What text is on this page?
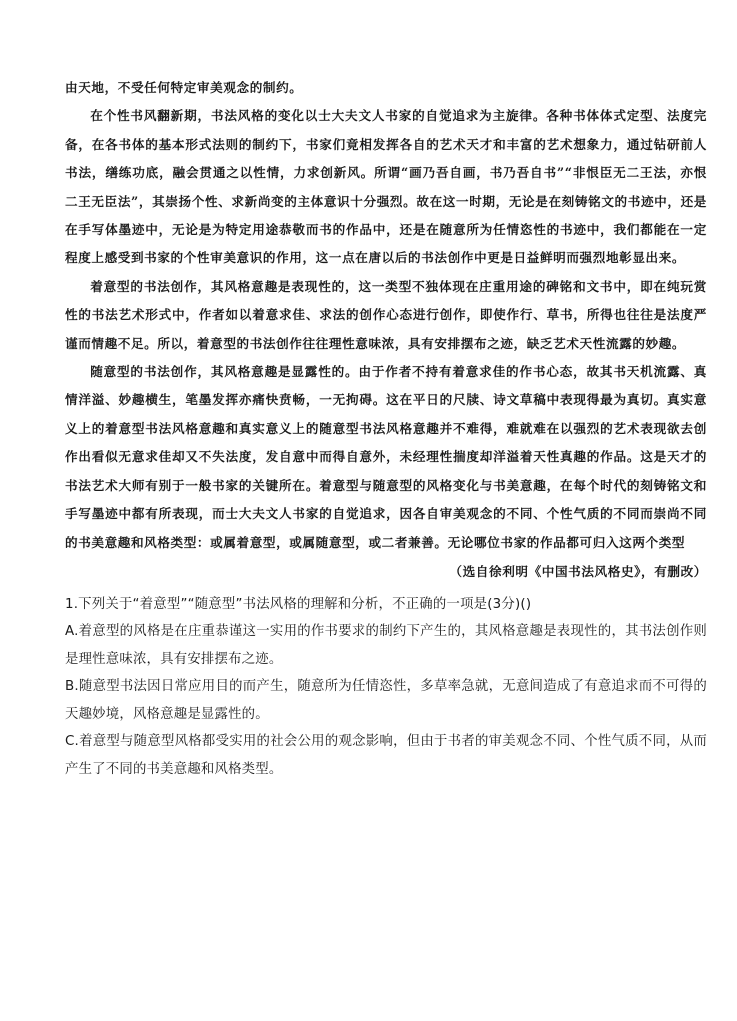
由天地，不受任何特定审美观念的制约。

在个性书风翻新期，书法风格的变化以士大夫文人书家的自觉追求为主旋律。各种书体体式定型、法度完备，在各书体的基本形式法则的制约下，书家们竟相发挥各自的艺术天才和丰富的艺术想象力，通过钻研前人书法，缮练功底，融会贯通之以性情，力求创新风。所谓“画乃吾自画，书乃吾自书”“非恨臣无二王法，亦恨二王无臣法”，其崇扬个性、求新尚变的主体意识十分强烈。故在这一时期，无论是在刻铸铭文的书迹中，还是在手写体墨迹中，无论是为特定用途恭敬而书的作品中，还是在随意所为任情恣性的书迹中，我们都能在一定程度上感受到书家的个性审美意识的作用，这一点在唐以后的书法创作中更是日益鲜明而强烈地彰显出来。

着意型的书法创作，其风格意趣是表现性的，这一类型不独体现在庄重用途的碑铭和文书中，即在纯玩赏性的书法艺术形式中，作者如以着意求佳、求法的创作心态进行创作，即使作行、草书，所得也往往是法度严谨而情趣不足。所以，着意型的书法创作往往理性意味浓，具有安排摆布之迹，缺乏艺术天性流露的妙趣。

随意型的书法创作，其风格意趣是显露性的。由于作者不持有着意求佳的作书心态，故其书天机流露、真情洋溢、妙趣横生，笔墨发挥亦痛快贲畅，一无拘碍。这在平日的尺牍、诗文草稿中表现得最为真切。真实意义上的着意型书法风格意趣和真实意义上的随意型书法风格意趣并不难得，难就难在以强烈的艺术表现欲去创作出看似无意求佳却又不失法度，发自意中而得自意外，未经理性揣度却洋溢着天性真趣的作品。这是天才的书法艺术大师有别于一般书家的关键所在。着意型与随意型的风格变化与书美意趣，在每个时代的刻铸铭文和手写墨迹中都有所表现，而士大夫文人书家的自觉追求，因各自审美观念的不同、个性气质的不同而崇尚不同的书美意趣和风格类型：或属着意型，或属随意型，或二者兼善。无论哪位书家的作品都可归入这两个类型

（选自徐利明《中国书法风格史》，有删改）

1.下列关于“着意型”“随意型”书法风格的理解和分析，不正确的一项是(3分)()

A.着意型的风格是在庄重恭谨这一实用的作书要求的制约下产生的，其风格意趣是表现性的，其书法创作则是理性意味浓，具有安排摆布之迹。

B.随意型书法因日常应用目的而产生，随意所为任情恣性，多草率急就，无意间造成了有意追求而不可得的天趣妙境，风格意趣是显露性的。

C.着意型与随意型风格都受实用的社会公用的观念影响，但由于书者的审美观念不同、个性气质不同，从而产生了不同的书美意趣和风格类型。
